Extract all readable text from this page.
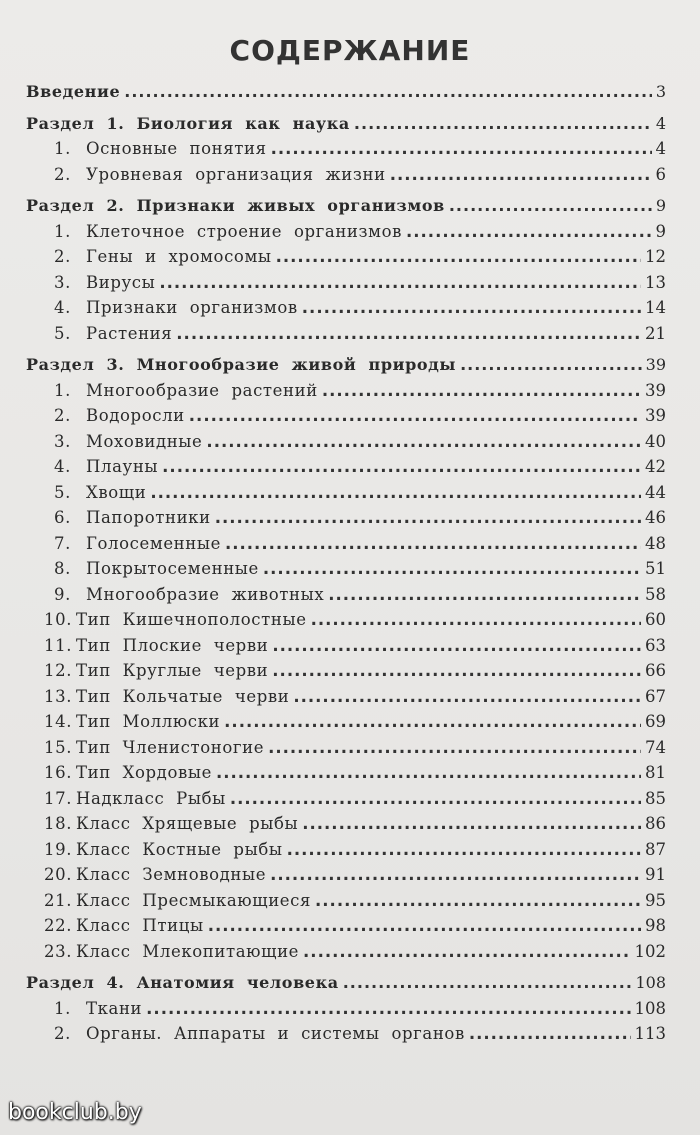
СОДЕРЖАНИЕ
Введение .....	3
Раздел 1. Биология как наука .....	4
1. Основные понятия .....	4
2. Уровневая организация жизни .....	6
Раздел 2. Признаки живых организмов .....	9
1. Клеточное строение организмов .....	9
2. Гены и хромосомы .....	12
3. Вирусы .....	13
4. Признаки организмов .....	14
5. Растения .....	21
Раздел 3. Многообразие живой природы .....	39
1. Многообразие растений .....	39
2. Водоросли .....	39
3. Моховидные .....	40
4. Плауны .....	42
5. Хвощи .....	44
6. Папоротники .....	46
7. Голосеменные .....	48
8. Покрытосеменные .....	51
9. Многообразие животных .....	58
10. Тип Кишечнополостные .....	60
11. Тип Плоские черви .....	63
12. Тип Круглые черви .....	66
13. Тип Кольчатые черви .....	67
14. Тип Моллюски .....	69
15. Тип Членистоногие .....	74
16. Тип Хордовые .....	81
17. Надкласс Рыбы .....	85
18. Класс Хрящевые рыбы .....	86
19. Класс Костные рыбы .....	87
20. Класс Земноводные .....	91
21. Класс Пресмыкающиеся .....	95
22. Класс Птицы .....	98
23. Класс Млекопитающие .....	102
Раздел 4. Анатомия человека .....	108
1. Ткани .....	108
2. Органы. Аппараты и системы органов .....	113
bookclub.by
